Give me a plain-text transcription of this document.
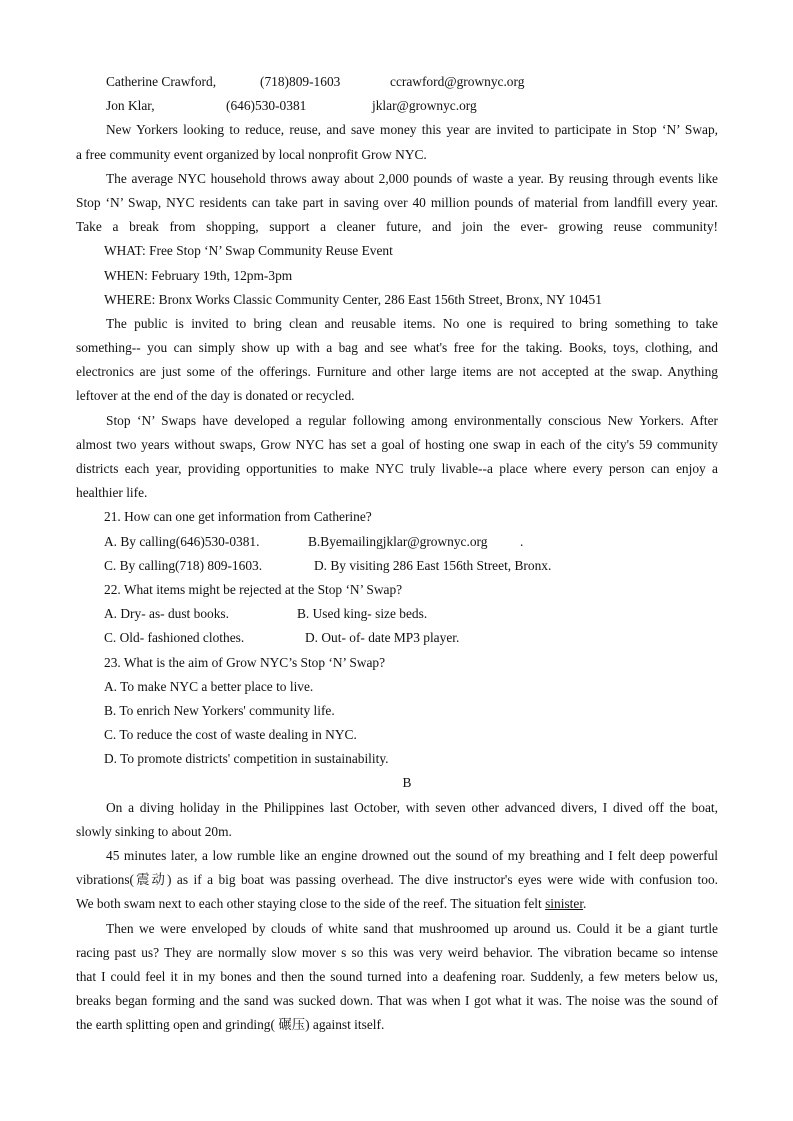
Catherine Crawford,	(718)809-1603	ccrawford@grownyc.org
Jon Klar,	(646)530-0381	jklar@grownyc.org
New Yorkers looking to reduce, reuse, and save money this year are invited to participate in Stop ‘N’ Swap,
a free community event organized by local nonprofit Grow NYC.
The average NYC household throws away about 2,000 pounds of waste a year. By reusing through events like
Stop ‘N’ Swap, NYC residents can take part in saving over 40 million pounds of material from landfill every year.
Take a break from shopping, support a cleaner future, and join the ever- growing reuse community!
WHAT: Free Stop ‘N’ Swap Community Reuse Event
WHEN: February 19th, 12pm-3pm
WHERE: Bronx Works Classic Community Center, 286 East 156th Street, Bronx, NY 10451
The public is invited to bring clean and reusable items. No one is required to bring something to take
something-- you can simply show up with a bag and see what's free for the taking. Books, toys, clothing, and
electronics are just some of the offerings. Furniture and other large items are not accepted at the swap. Anything
leftover at the end of the day is donated or recycled.
Stop ‘N’ Swaps have developed a regular following among environmentally conscious New Yorkers. After
almost two years without swaps, Grow NYC has set a goal of hosting one swap in each of the city's 59 community
districts each year, providing opportunities to make NYC truly livable--a place where every person can enjoy a
healthier life.
21. How can one get information from Catherine?
A. By calling(646)530-0381.	B.Byemailingjklar@grownyc.org .
C. By calling(718) 809-1603.	D. By visiting 286 East 156th Street, Bronx.
22. What items might be rejected at the Stop ‘N’ Swap?
A. Dry- as- dust books.	B. Used king- size beds.
C. Old- fashioned clothes.	D. Out- of- date MP3 player.
23. What is the aim of Grow NYC’s Stop ‘N’ Swap?
A. To make NYC a better place to live.
B. To enrich New Yorkers' community life.
C. To reduce the cost of waste dealing in NYC.
D. To promote districts' competition in sustainability.
B
On a diving holiday in the Philippines last October, with seven other advanced divers, I dived off the boat,
slowly sinking to about 20m.
45 minutes later, a low rumble like an engine drowned out the sound of my breathing and I felt deep powerful
vibrations(震动) as if a big boat was passing overhead. The dive instructor's eyes were wide with confusion too.
We both swam next to each other staying close to the side of the reef. The situation felt sinister.
Then we were enveloped by clouds of white sand that mushroomed up around us. Could it be a giant turtle
racing past us? They are normally slow mover s so this was very weird behavior. The vibration became so intense
that I could feel it in my bones and then the sound turned into a deafening roar. Suddenly, a few meters below us,
breaks began forming and the sand was sucked down. That was when I got what it was. The noise was the sound of
the earth splitting open and grinding( 碾压) against itself.
